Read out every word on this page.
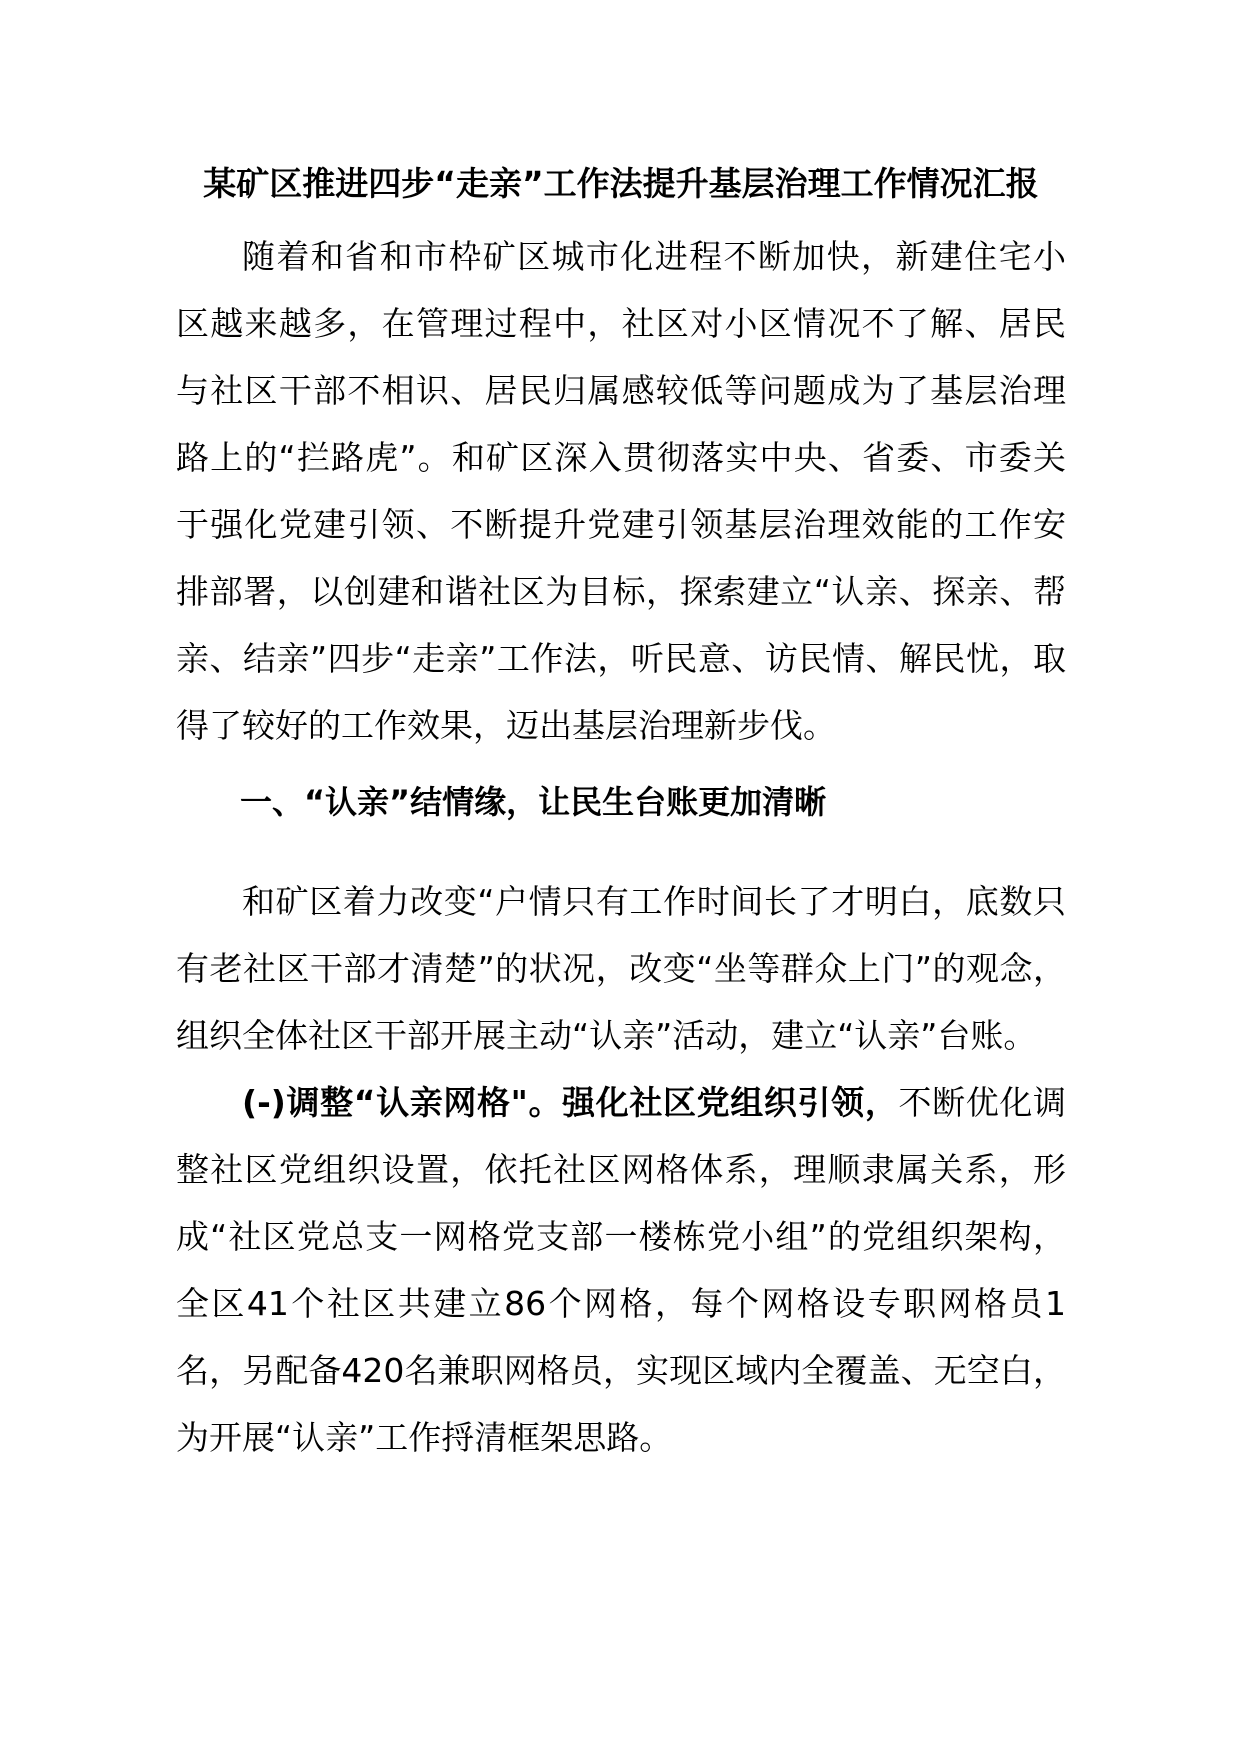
某矿区推进四步“走亲”工作法提升基层治理工作情况汇报

随着和省和市枠矿区城市化进程不断加快，新建住宅小区越来越多，在管理过程中，社区对小区情况不了解、居民与社区干部不相识、居民归属感较低等问题成为了基层治理路上的“拦路虎”。和矿区深入贯彻落实中央、省委、市委关于强化党建引领、不断提升党建引领基层治理效能的工作安排部署，以创建和谐社区为目标，探索建立“认亲、探亲、帮亲、结亲”四步“走亲”工作法，听民意、访民情、解民忧，取得了较好的工作效果，迈出基层治理新步伐。

一、“认亲”结情缘，让民生台账更加清晰

和矿区着力改变“户情只有工作时间长了才明白，底数只有老社区干部才清楚”的状况，改变“坐等群众上门”的观念，组织全体社区干部开展主动“认亲”活动，建立“认亲”台账。

(-)调整“认亲网格"。强化社区党组织引领，不断优化调整社区党组织设置，依托社区网格体系，理顺隶属关系，形成“社区党总支一网格党支部一楼栋党小组”的党组织架构，全区41个社区共建立86个网格，每个网格设专职网格员1名，另配备420名兼职网格员，实现区域内全覆盖、无空白，为开展“认亲”工作捋清框架思路。
